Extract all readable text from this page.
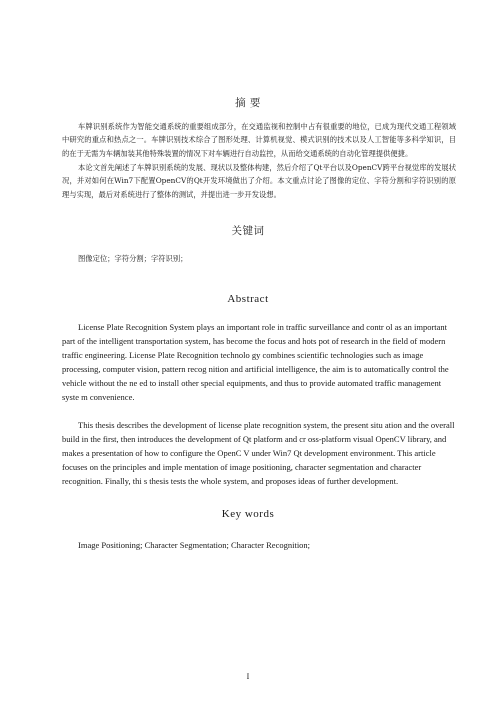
摘 要

车牌识别系统作为智能交通系统的重要组成部分，在交通监视和控制中占有很重要的地位，已成为现代交通工程领域中研究的重点和热点之一。车牌识别技术综合了图形处理、计算机视觉、模式识别的技术以及人工智能等多科学知识，目的在于无需为车辆加装其他特殊装置的情况下对车辆进行自动监控，从而给交通系统的自动化管理提供便捷。

本论文首先阐述了车牌识别系统的发展、现状以及整体构建，然后介绍了Qt平台以及OpenCV跨平台视觉库的发展状况，并对如何在Win7下配置OpenCV的Qt开发环境做出了介绍。本文重点讨论了图像的定位、字符分割和字符识别的原理与实现，最后对系统进行了整体的测试，并提出进一步开发设想。

关键词
图像定位；字符分割；字符识别；
Abstract

License Plate Recognition System plays an important role in traffic surveillance and contr ol as an important part of the intelligent transportation system, has become the focus and hots pot of research in the field of modern traffic engineering. License Plate Recognition technolo gy combines scientific technologies such as image processing, computer vision, pattern recog nition and artificial intelligence, the aim is to automatically control the vehicle without the ne ed to install other special equipments, and thus to provide automated traffic management syste m convenience.

This thesis describes the development of license plate recognition system, the present situ ation and the overall build in the first, then introduces the development of Qt platform and cr oss-platform visual OpenCV library, and makes a presentation of how to configure the OpenC V under Win7 Qt development environment. This article focuses on the principles and imple mentation of image positioning, character segmentation and character recognition. Finally, thi s thesis tests the whole system, and proposes ideas of further development.

Key words
Image Positioning; Character Segmentation; Character Recognition;
I
